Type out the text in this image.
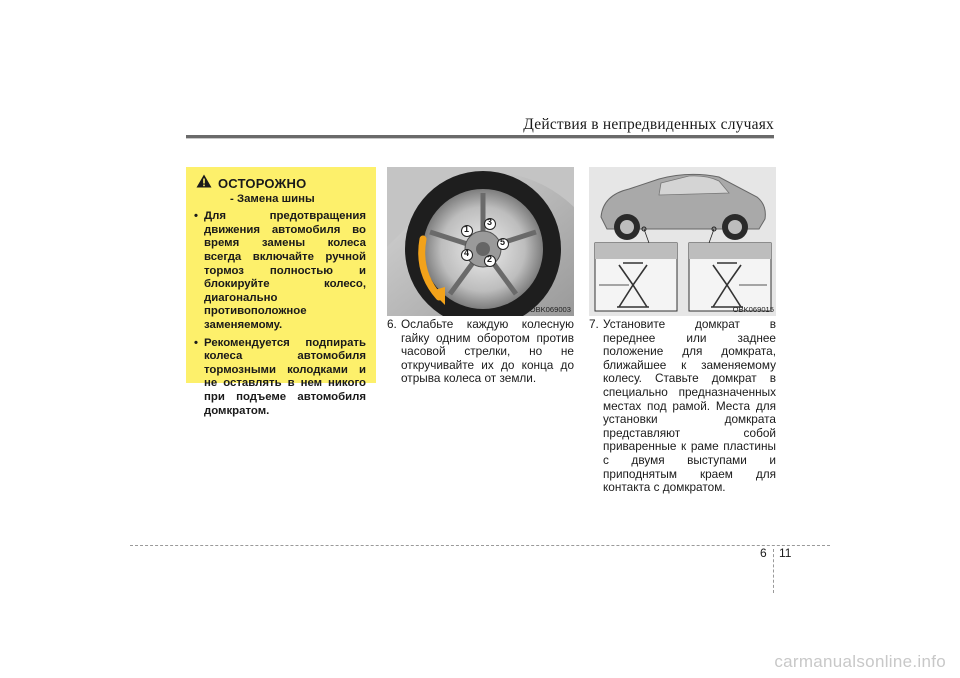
Действия в непредвиденных случаях
ОСТОРОЖНО
- Замена шины
• Для предотвращения движения автомобиля во время замены колеса всегда включайте ручной тормоз полностью и блокируйте колесо, диагонально противоположное заменяемому.
• Рекомендуется подпирать колеса автомобиля тормозными колодками и не оставлять в нем никого при подъеме автомобиля домкратом.
1
3
5
4
2
OBK069003	OBK069015
6. Ослабьте каждую колесную гайку одним оборотом против часовой стрелки, но не откручивайте их до конца до отрыва колеса от земли.
7. Установите домкрат в переднее или заднее положение для домкрата, ближайшее к заменяемому колесу. Ставьте домкрат в специально предназначенных местах под рамой. Места для установки домкрата представляют собой приваренные к раме пластины с двумя выступами и приподнятым краем для контакта с домкратом.
6 11
carmanualsonline.info
